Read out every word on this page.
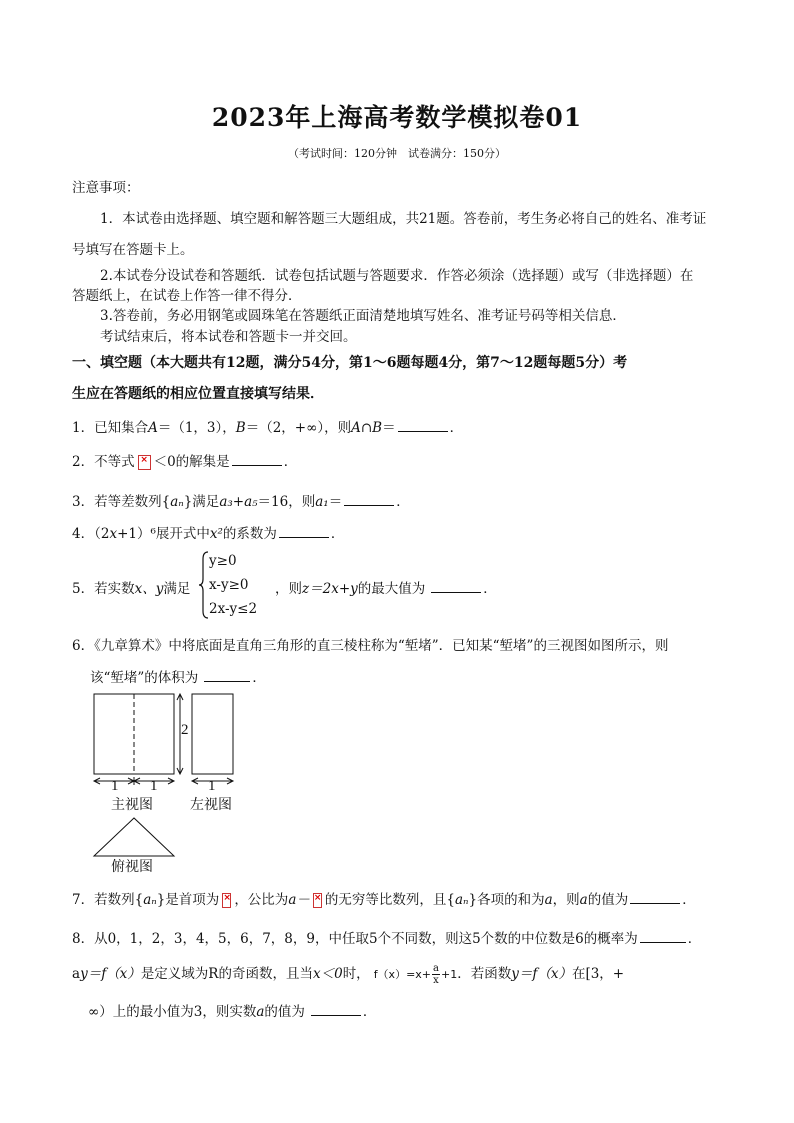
2023年上海高考数学模拟卷01
（考试时间：120分钟　试卷满分：150分）
注意事项：
1．本试卷由选择题、填空题和解答题三大题组成，共21题。答卷前，考生务必将自己的姓名、准考证
号填写在答题卡上。
2.本试卷分设试卷和答题纸．试卷包括试题与答题要求．作答必须涂（选择题）或写（非选择题）在
答题纸上，在试卷上作答一律不得分．
3.答卷前，务必用钢笔或圆珠笔在答题纸正面清楚地填写姓名、准考证号码等相关信息．
考试结束后，将本试卷和答题卡一并交回。
一、填空题（本大题共有12题，满分54分，第1～6题每题4分，第7～12题每题5分）考
生应在答题纸的相应位置直接填写结果．
1．已知集合A＝（1，3），B＝（2，+∞），则A∩B＝	．
2．不等式 × ＜0的解集是	．
3．若等差数列{aₙ}满足a₃+a₅＝16，则a₁＝	．
4．（2x+1）⁶展开式中x²的系数为	．
5．若实数x、y满足
y≥0
x-y≥0
2x-y≤2
，则z＝2x+y的最大值为	．
6．《九章算术》中将底面是直角三角形的直三棱柱称为“堑堵”．已知某“堑堵”的三视图如图所示，则
该“堑堵”的体积为	．
2
1 1	1
主视图	左视图
俯视图
7．若数列{aₙ}是首项为 × ，公比为a－ × 的无穷等比数列，且{aₙ}各项的和为a，则a的值为	．
8．从0，1，2，3，4，5，6，7，8，9，中任取5个不同数，则这5个数的中位数是6的概率为	．
ay＝f（x）是定义域为R的奇函数，且当x＜0时， $f(x)=x+ \frac{a}{x} +1$．若函数y＝f（x）在[3，+
∞）上的最小值为3，则实数a的值为	．
